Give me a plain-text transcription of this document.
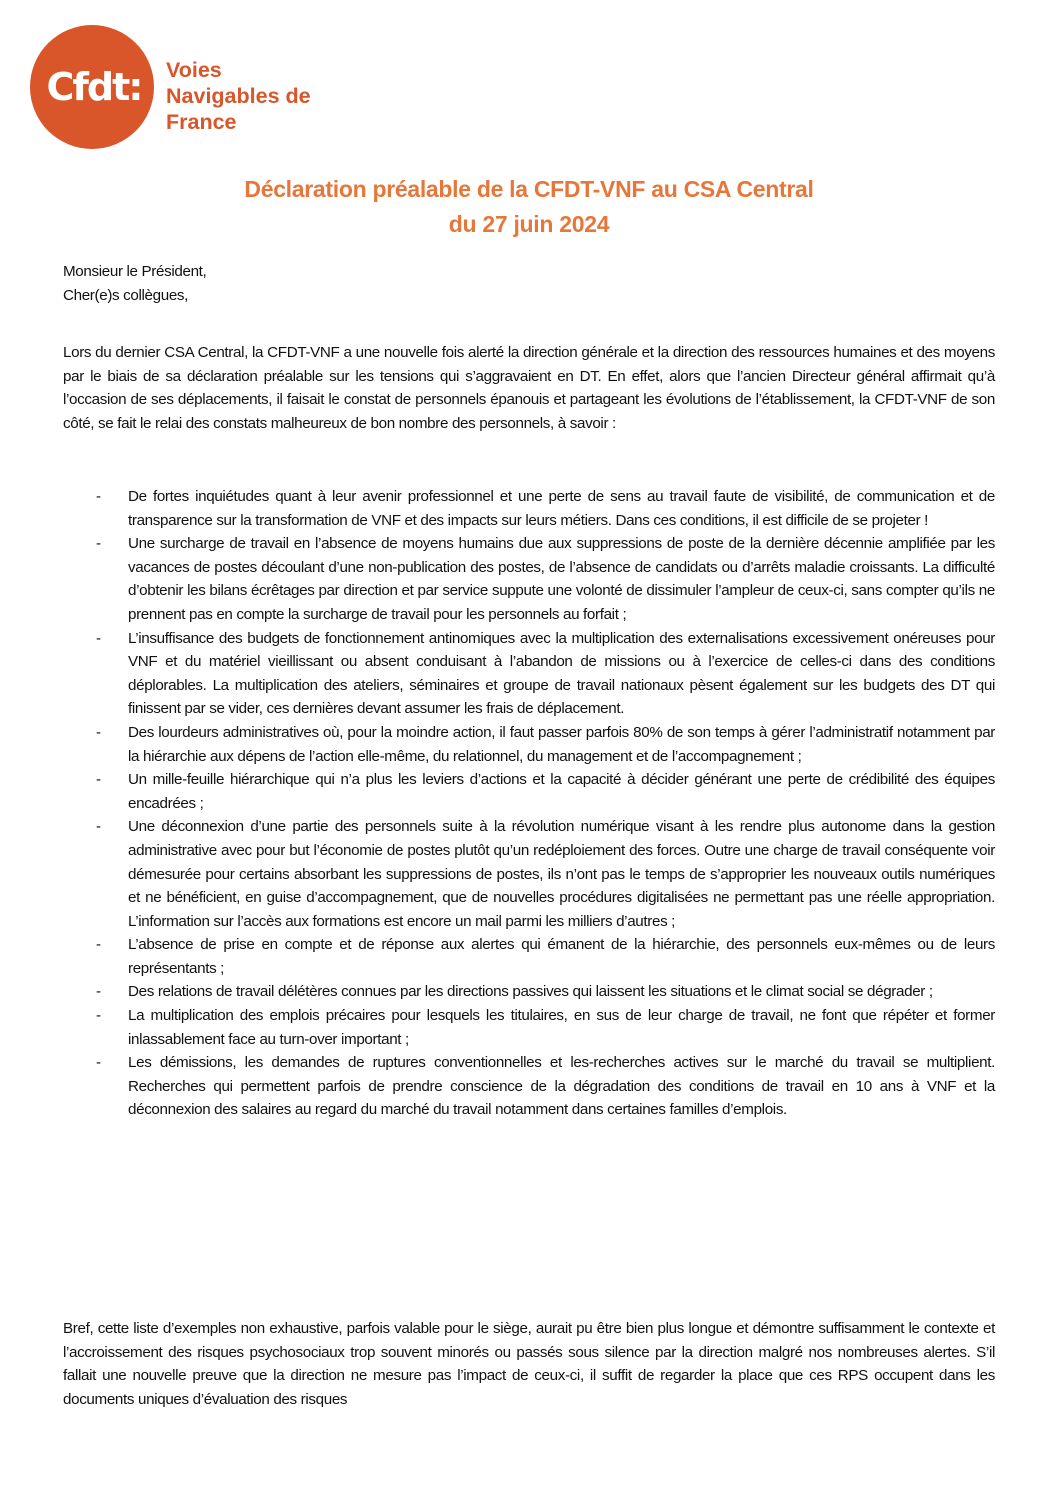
Cfdt: Voies
Navigables de
France
Déclaration préalable de la CFDT-VNF au CSA Central
du 27 juin 2024
Monsieur le Président,
Cher(e)s collègues,

Lors du dernier CSA Central, la CFDT-VNF a une nouvelle fois alerté la direction générale et la direction des ressources humaines et des moyens par le biais de sa déclaration préalable sur les tensions qui s’aggravaient en DT. En effet, alors que l’ancien Directeur général affirmait qu’à l’occasion de ses déplacements, il faisait le constat de personnels épanouis et partageant les évolutions de l’établissement, la CFDT-VNF de son côté, se fait le relai des constats malheureux de bon nombre des personnels, à savoir :

- De fortes inquiétudes quant à leur avenir professionnel et une perte de sens au travail faute de visibilité, de communication et de transparence sur la transformation de VNF et des impacts sur leurs métiers. Dans ces conditions, il est difficile de se projeter !
- Une surcharge de travail en l’absence de moyens humains due aux suppressions de poste de la dernière décennie amplifiée par les vacances de postes découlant d’une non-publication des postes, de l’absence de candidats ou d’arrêts maladie croissants. La difficulté d’obtenir les bilans écrêtages par direction et par service suppute une volonté de dissimuler l’ampleur de ceux-ci, sans compter qu’ils ne prennent pas en compte la surcharge de travail pour les personnels au forfait ;
- L’insuffisance des budgets de fonctionnement antinomiques avec la multiplication des externalisations excessivement onéreuses pour VNF et du matériel vieillissant ou absent conduisant à l’abandon de missions ou à l’exercice de celles-ci dans des conditions déplorables. La multiplication des ateliers, séminaires et groupe de travail nationaux pèsent également sur les budgets des DT qui finissent par se vider, ces dernières devant assumer les frais de déplacement.
- Des lourdeurs administratives où, pour la moindre action, il faut passer parfois 80% de son temps à gérer l’administratif notamment par la hiérarchie aux dépens de l’action elle-même, du relationnel, du management et de l’accompagnement ;
- Un mille-feuille hiérarchique qui n’a plus les leviers d’actions et la capacité à décider générant une perte de crédibilité des équipes encadrées ;
- Une déconnexion d’une partie des personnels suite à la révolution numérique visant à les rendre plus autonome dans la gestion administrative avec pour but l’économie de postes plutôt qu’un redéploiement des forces. Outre une charge de travail conséquente voir démesurée pour certains absorbant les suppressions de postes, ils n’ont pas le temps de s’approprier les nouveaux outils numériques et ne bénéficient, en guise d’accompagnement, que de nouvelles procédures digitalisées ne permettant pas une réelle appropriation. L’information sur l’accès aux formations est encore un mail parmi les milliers d’autres ;
- L’absence de prise en compte et de réponse aux alertes qui émanent de la hiérarchie, des personnels eux-mêmes ou de leurs représentants ;
- Des relations de travail délétères connues par les directions passives qui laissent les situations et le climat social se dégrader ;
- La multiplication des emplois précaires pour lesquels les titulaires, en sus de leur charge de travail, ne font que répéter et former inlassablement face au turn-over important ;
- Les démissions, les demandes de ruptures conventionnelles et les-recherches actives sur le marché du travail se multiplient. Recherches qui permettent parfois de prendre conscience de la dégradation des conditions de travail en 10 ans à VNF et la déconnexion des salaires au regard du marché du travail notamment dans certaines familles d’emplois.

Bref, cette liste d’exemples non exhaustive, parfois valable pour le siège, aurait pu être bien plus longue et démontre suffisamment le contexte et l’accroissement des risques psychosociaux trop souvent minorés ou passés sous silence par la direction malgré nos nombreuses alertes. S’il fallait une nouvelle preuve que la direction ne mesure pas l’impact de ceux-ci, il suffit de regarder la place que ces RPS occupent dans les documents uniques d’évaluation des risques
